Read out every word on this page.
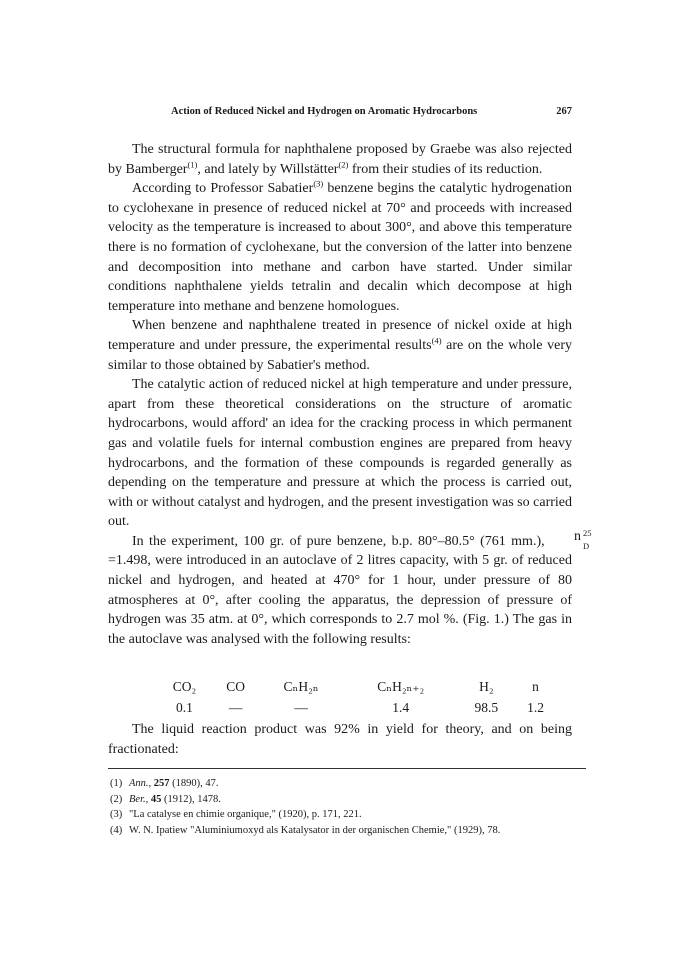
Action of Reduced Nickel and Hydrogen on Aromatic Hydrocarbons	267

The structural formula for naphthalene proposed by Graebe was also rejected by Bamberger$^{(1)}$, and lately by Willstätter$^{(2)}$ from their studies of its reduction.

According to Professor Sabatier$^{(3)}$ benzene begins the catalytic hydrogenation to cyclohexane in presence of reduced nickel at 70° and proceeds with increased velocity as the temperature is increased to about 300°, and above this temperature there is no formation of cyclohexane, but the conversion of the latter into benzene and decomposition into methane and carbon have started. Under similar conditions naphthalene yields tetralin and decalin which decompose at high temperature into methane and benzene homologues.

When benzene and naphthalene treated in presence of nickel oxide at high temperature and under pressure, the experimental results$^{(4)}$ are on the whole very similar to those obtained by Sabatier's method.

The catalytic action of reduced nickel at high temperature and under pressure, apart from these theoretical considerations on the structure of aromatic hydrocarbons, would afford' an idea for the cracking process in which permanent gas and volatile fuels for internal combustion engines are prepared from heavy hydrocarbons, and the formation of these compounds is regarded generally as depending on the temperature and pressure at which the process is carried out, with or without catalyst and hydrogen, and the present investigation was so carried out.

In the experiment, 100 gr. of pure benzene, b.p. 80°–80.5° (761 mm.),	n 25
D
=1.498, were introduced in an autoclave of 2 litres capacity, with 5 gr. of reduced nickel and hydrogen, and heated at 470° for 1 hour, under pressure of 80 atmospheres at 0°, after cooling the apparatus, the depression of pressure of hydrogen was 35 atm. at 0°, which corresponds to 2.7 mol %. (Fig. 1.) The gas in the autoclave was analysed with the following results:

CO₂	CO	CₙH₂ₙ	CₙH₂ₙ₊₂	H₂	n
0.1	—	—	1.4	98.5	1.2

The liquid reaction product was 92% in yield for theory, and on being fractionated:

(1) Ann., 257 (1890), 47.
(2) Ber., 45 (1912), 1478.
(3) "La catalyse en chimie organique," (1920), p. 171, 221.
(4) W. N. Ipatiew "Aluminiumoxyd als Katalysator in der organischen Chemie," (1929), 78.
